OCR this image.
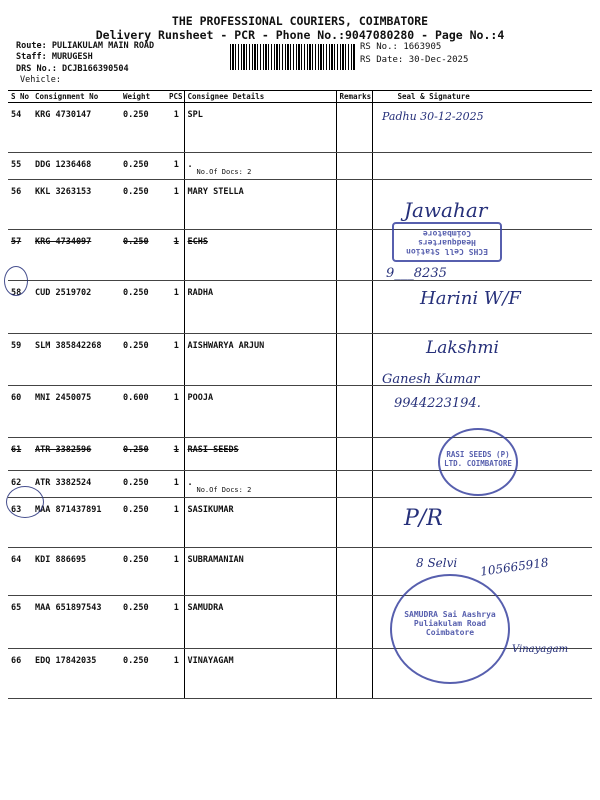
THE PROFESSIONAL COURIERS, COIMBATORE
Delivery Runsheet - PCR - Phone No.:9047080280 - Page No.:4
Route: PULIAKULAM MAIN ROAD
Staff: MURUGESH
DRS No.: DCJB166390504
Vehicle:
RS No.: 1663905
RS Date: 30-Dec-2025
S No	Consignment No	Weight	PCS	Consignee Details	Remarks	Seal & Signature
54	KRG 4730147	0.250	1	SPL		
55	DDG 1236468	0.250	1	.
No.Of Docs: 2		

56	KKL 3263153	0.250	1	MARY STELLA		
57	KRG 4734097	0.250	1	ECHS		
58	CUD 2519702	0.250	1	RADHA		
59	SLM 385842268	0.250	1	AISHWARYA ARJUN		
60	MNI 2450075	0.600	1	POOJA		
61	ATR 3382596	0.250	1	RASI SEEDS		
62	ATR 3382524	0.250	1	.
No.Of Docs: 2		

63	MAA 871437891	0.250	1	SASIKUMAR		
64	KDI 886695	0.250	1	SUBRAMANIAN		
65	MAA 651897543	0.250	1	SAMUDRA		
66	EDQ 17842035	0.250	1	VINAYAGAM		
ECHS Cell Station Headquarters Coimbatore
RASI SEEDS (P) LTD. COIMBATORE
SAMUDRA Sai Aashrya Puliakulam Road Coimbatore
Padhu 30-12-2025
Jawahar
9___8235
Harini W/F
Lakshmi
Ganesh Kumar
9944223194.
P/R
8 Selvi 105665918
Vinayagam
